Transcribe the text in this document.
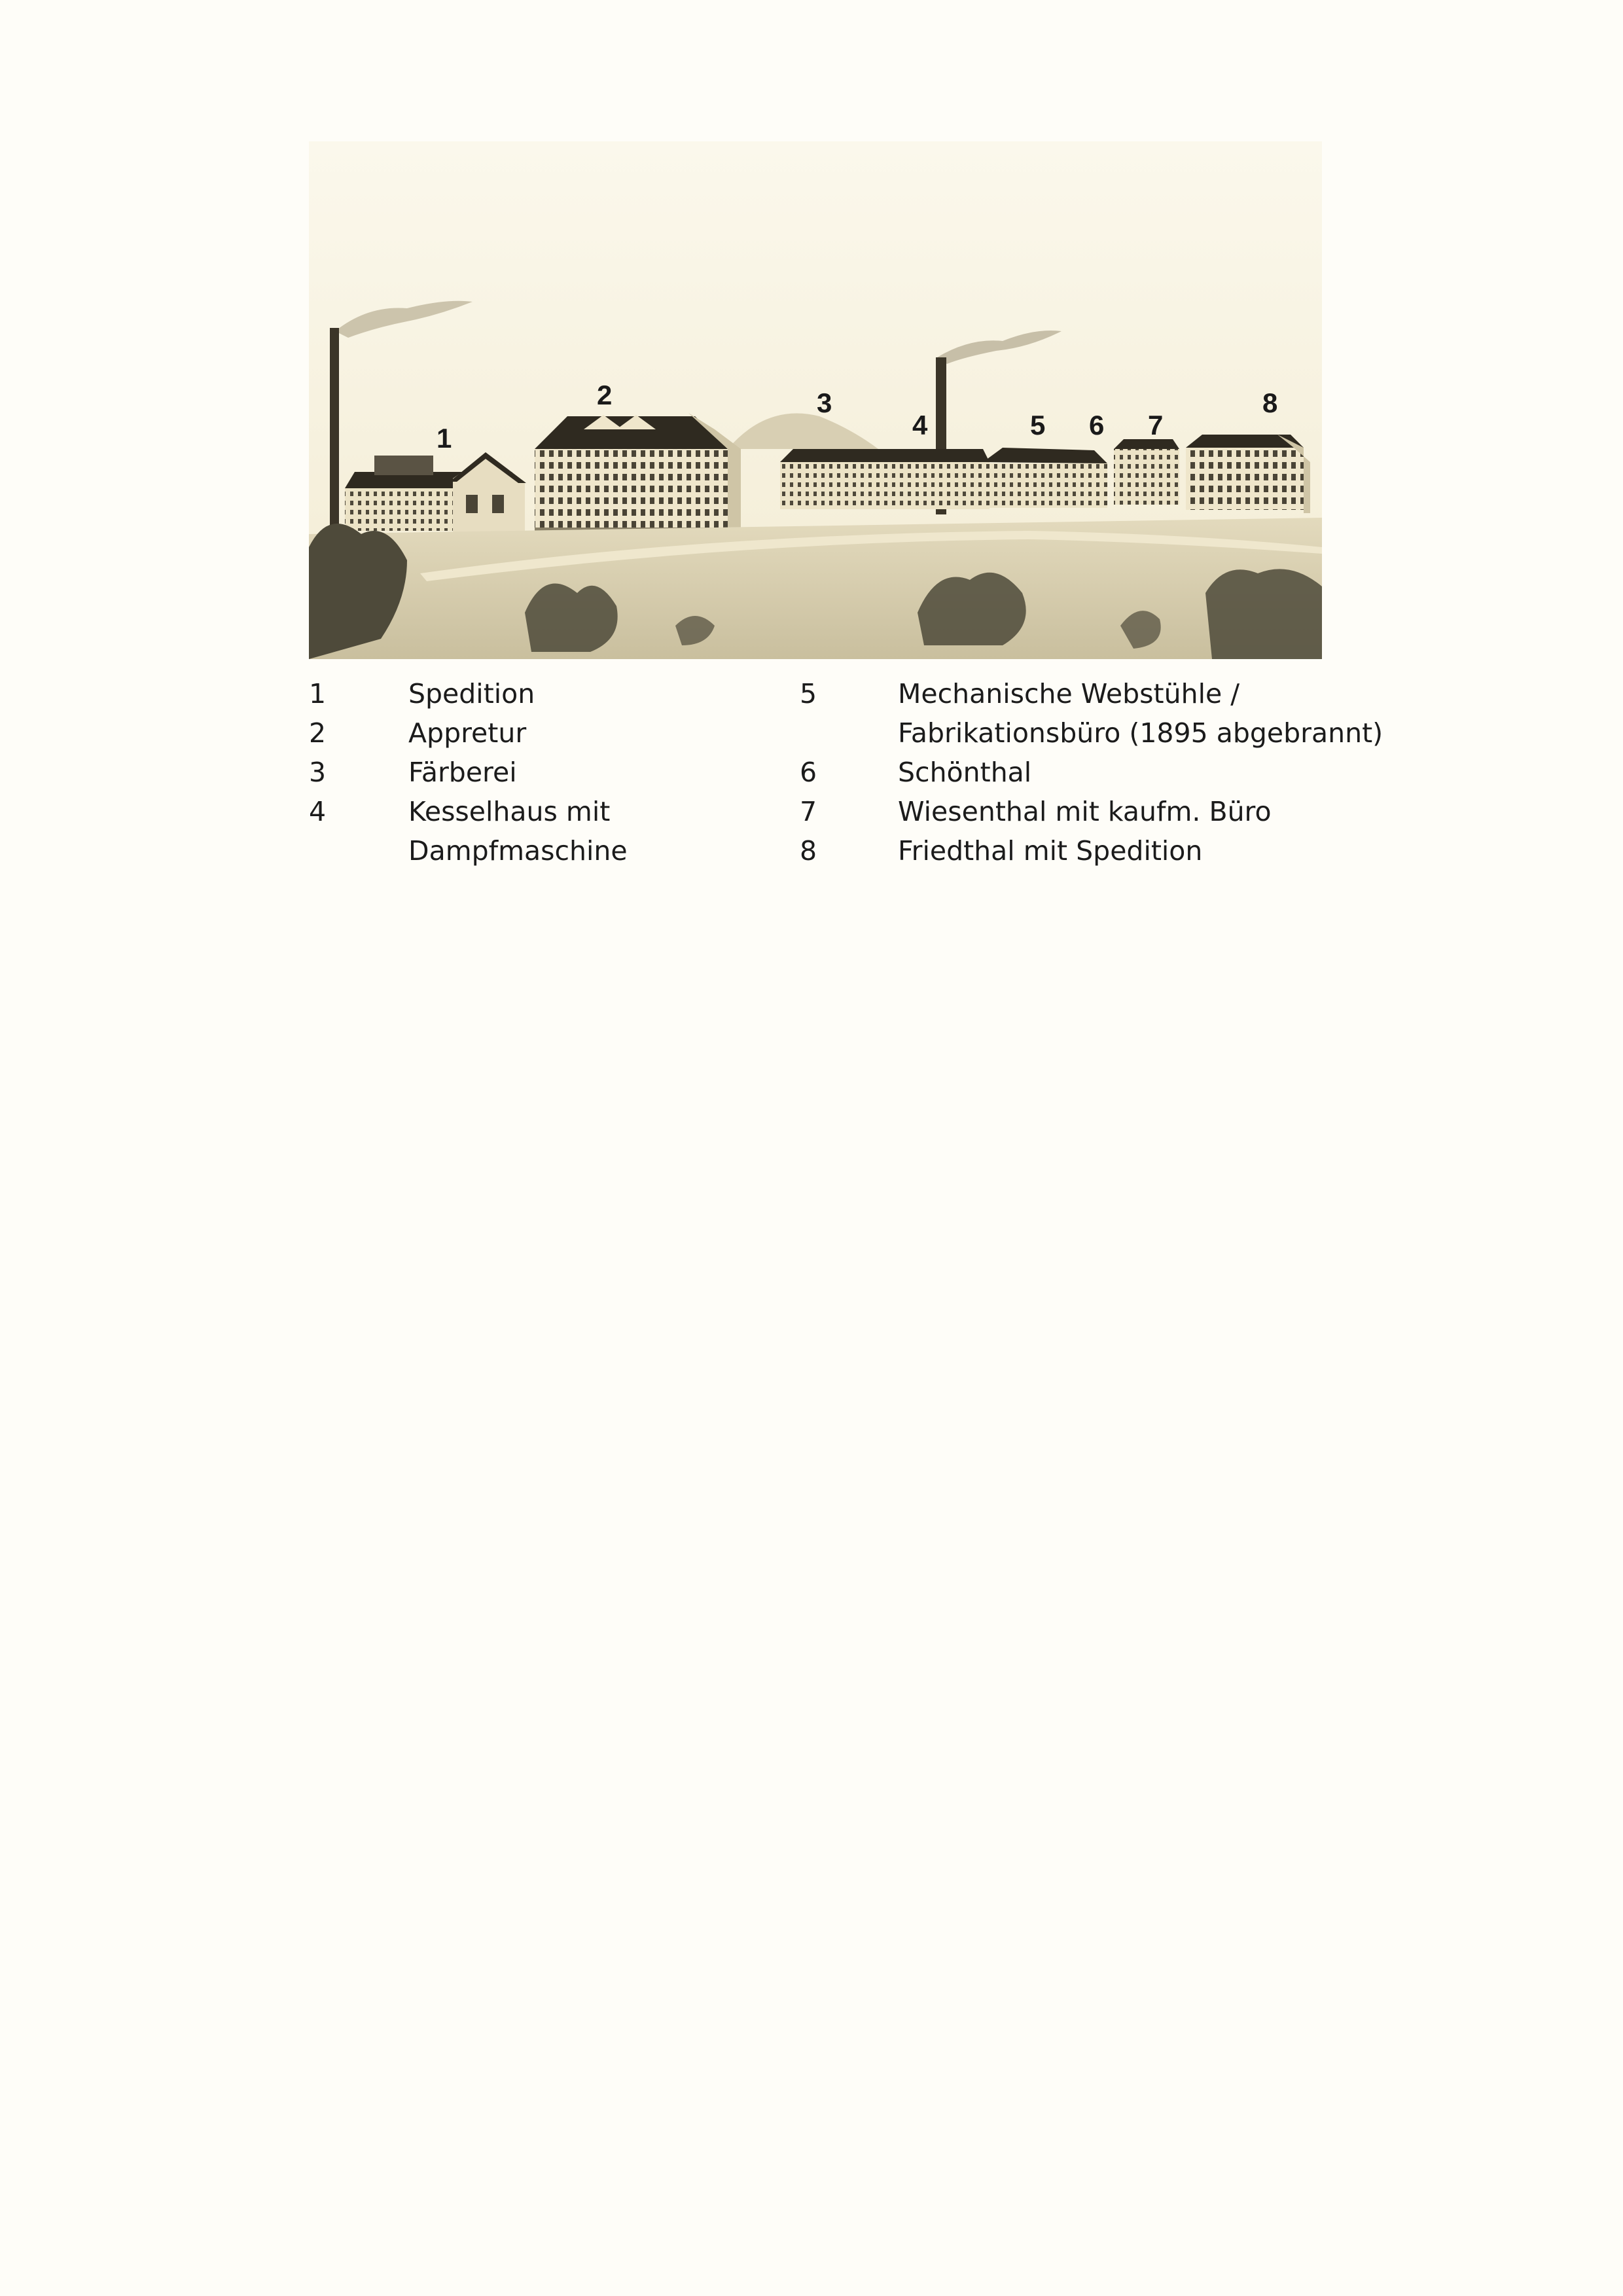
1
2	3
4	5 6 7
8
1	Spedition
2	Appretur
3	Färberei
4	Kesselhaus mit
Dampfmaschine
5	Mechanische Webstühle /
Fabrikationsbüro (1895 abgebrannt)
6	Schönthal
7	Wiesenthal mit kaufm. Büro
8	Friedthal mit Spedition
